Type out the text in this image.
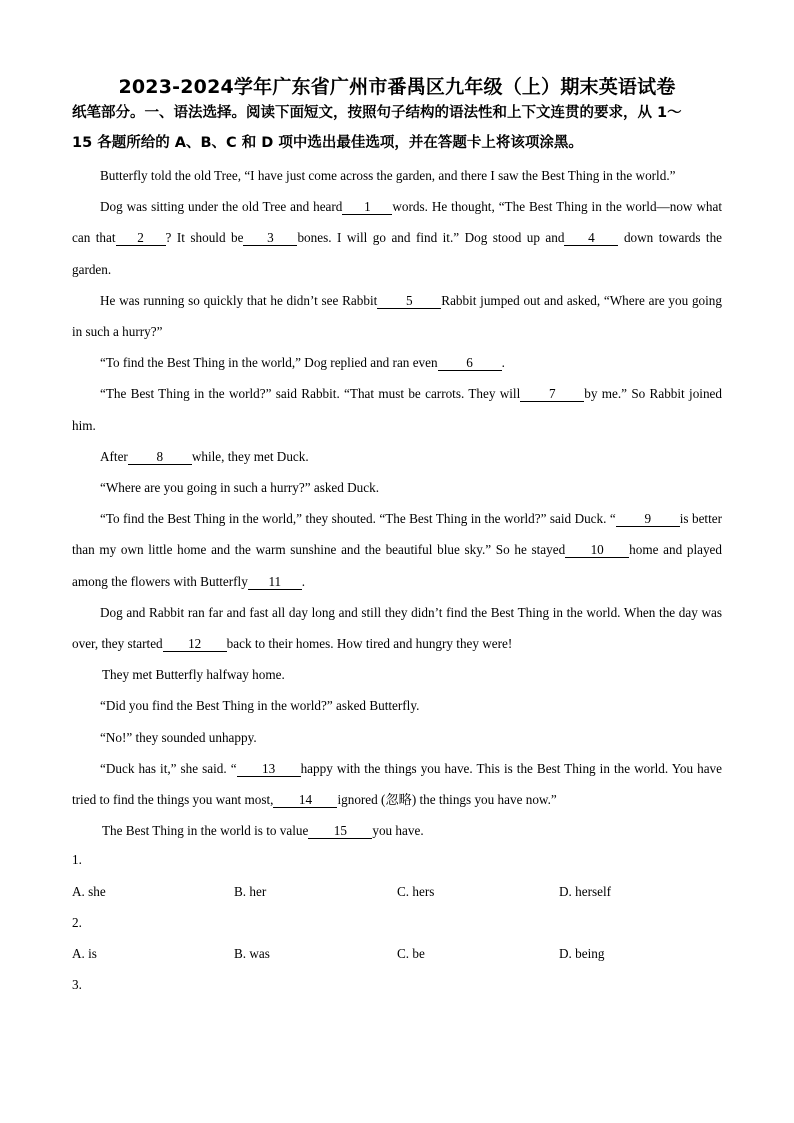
2023-2024学年广东省广州市番禺区九年级（上）期末英语试卷
纸笔部分。一、语法选择。阅读下面短文，按照句子结构的语法性和上下文连贯的要求，从 1～
15 各题所给的 A、B、C 和 D 项中选出最佳选项，并在答题卡上将该项涂黑。

Butterfly told the old Tree, “I have just come across the garden, and there I saw the Best Thing in the world.”

Dog was sitting under the old Tree and heard 1 words. He thought, “The Best Thing in the world—now what can that 2 ? It should be 3 bones. I will go and find it.” Dog stood up and 4 down towards the garden.

He was running so quickly that he didn’t see Rabbit 5 Rabbit jumped out and asked, “Where are you going in such a hurry?”

“To find the Best Thing in the world,” Dog replied and ran even 6 .

“The Best Thing in the world?” said Rabbit. “That must be carrots. They will 7 by me.” So Rabbit joined him.

After 8 while, they met Duck.

“Where are you going in such a hurry?” asked Duck.

“To find the Best Thing in the world,” they shouted. “The Best Thing in the world?” said Duck. “ 9 is better than my own little home and the warm sunshine and the beautiful blue sky.” So he stayed 10 home and played among the flowers with Butterfly 11 .

Dog and Rabbit ran far and fast all day long and still they didn’t find the Best Thing in the world. When the day was over, they started 12 back to their homes. How tired and hungry they were!

They met Butterfly halfway home.

“Did you find the Best Thing in the world?” asked Butterfly.

“No!” they sounded unhappy.

“Duck has it,” she said. “ 13 happy with the things you have. This is the Best Thing in the world. You have tried to find the things you want most, 14 ignored (忽略) the things you have now.”

The Best Thing in the world is to value 15 you have.

1.
A. she	B. her	C. hers	D. herself
2.
A. is	B. was	C. be	D. being
3.
